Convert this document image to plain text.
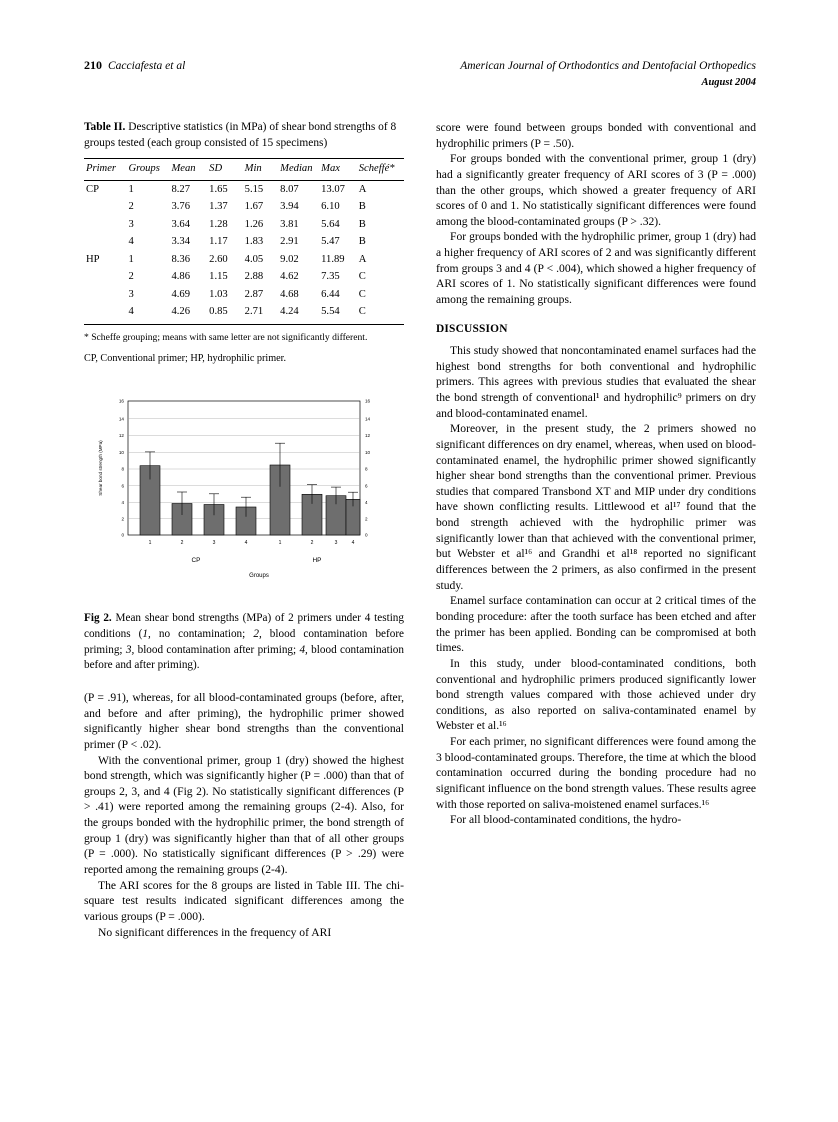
210 Cacciafesta et al	American Journal of Orthodontics and Dentofacial Orthopedics
August 2004
Table II. Descriptive statistics (in MPa) of shear bond strengths of 8 groups tested (each group consisted of 15 specimens)
Primer	Groups	Mean	SD	Min	Median	Max	Scheffé*
CP	1	8.27	1.65	5.15	8.07	13.07	A
	2	3.76	1.37	1.67	3.94	6.10	B
	3	3.64	1.28	1.26	3.81	5.64	B
	4	3.34	1.17	1.83	2.91	5.47	B
HP	1	8.36	2.60	4.05	9.02	11.89	A
	2	4.86	1.15	2.88	4.62	7.35	C
	3	4.69	1.03	2.87	4.68	6.44	C
	4	4.26	0.85	2.71	4.24	5.54	C
* Scheffe grouping; means with same letter are not significantly different.
CP, Conventional primer; HP, hydrophilic primer.
16
14
12
10
8
6
4
2
0
16
14
12
10
8
6
4
2
0
Shear bond strength (MPa)
1	2	3	4	1	2	3	4
CP	HP
Groups
Fig 2. Mean shear bond strengths (MPa) of 2 primers under 4 testing conditions (1, no contamination; 2, blood contamination before priming; 3, blood contamination after priming; 4, blood contamination before and after priming).

(P = .91), whereas, for all blood-contaminated groups (before, after, and before and after priming), the hydrophilic primer showed significantly higher shear bond strengths than the conventional primer (P < .02).

With the conventional primer, group 1 (dry) showed the highest bond strength, which was significantly higher (P = .000) than that of groups 2, 3, and 4 (Fig 2). No statistically significant differences (P > .41) were reported among the remaining groups (2-4). Also, for the groups bonded with the hydrophilic primer, the bond strength of group 1 (dry) was significantly higher than that of all other groups (P = .000). No statistically significant differences (P > .29) were reported among the remaining groups (2-4).

The ARI scores for the 8 groups are listed in Table III. The chi-square test results indicated significant differences among the various groups (P = .000).

No significant differences in the frequency of ARI

score were found between groups bonded with conventional and hydrophilic primers (P = .50).

For groups bonded with the conventional primer, group 1 (dry) had a significantly greater frequency of ARI scores of 3 (P = .000) than the other groups, which showed a greater frequency of ARI scores of 0 and 1. No statistically significant differences were found among the blood-contaminated groups (P > .32).

For groups bonded with the hydrophilic primer, group 1 (dry) had a higher frequency of ARI scores of 2 and was significantly different from groups 3 and 4 (P < .004), which showed a higher frequency of ARI scores of 1. No statistically significant differences were found among the remaining groups.

DISCUSSION

This study showed that noncontaminated enamel surfaces had the highest bond strengths for both conventional and hydrophilic primers. This agrees with previous studies that evaluated the shear the bond strength of conventional¹ and hydrophilic⁹ primers on dry and blood-contaminated enamel.

Moreover, in the present study, the 2 primers showed no significant differences on dry enamel, whereas, when used on blood-contaminated enamel, the hydrophilic primer showed significantly higher shear bond strengths than the conventional primer. Previous studies that compared Transbond XT and MIP under dry conditions have shown conflicting results. Littlewood et al¹⁷ found that the bond strength achieved with the hydrophilic primer was significantly lower than that achieved with the conventional primer, but Webster et al¹⁶ and Grandhi et al¹⁸ reported no significant differences between the 2 primers, as also confirmed in the present study.

Enamel surface contamination can occur at 2 critical times of the bonding procedure: after the tooth surface has been etched and after the primer has been applied. Bonding can be compromised at both times.

In this study, under blood-contaminated conditions, both conventional and hydrophilic primers produced significantly lower bond strength values compared with those achieved under dry conditions, as also reported on saliva-contaminated enamel by Webster et al.¹⁶

For each primer, no significant differences were found among the 3 blood-contaminated groups. Therefore, the time at which the blood contamination occurred during the bonding procedure had no significant influence on the bond strength values. These results agree with those reported on saliva-moistened enamel surfaces.¹⁶

For all blood-contaminated conditions, the hydro-
